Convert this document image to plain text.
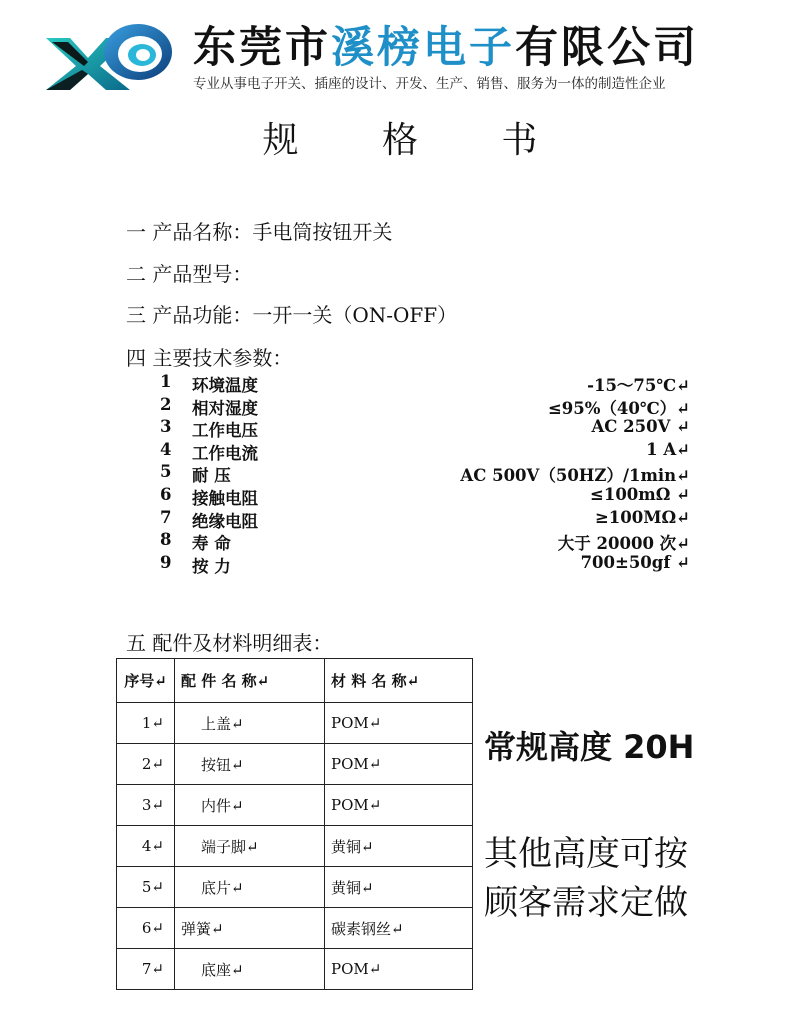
东莞市溪榜电子有限公司
专业从事电子开关、插座的设计、开发、生产、销售、服务为一体的制造性企业
规 格 书
一 产品名称：手电筒按钮开关
二 产品型号：
三 产品功能：一开一关（ON-OFF）
四 主要技术参数：
1 环境温度	-15～75℃↵
2 相对湿度	≤95%（40℃）↵
3 工作电压	AC 250V ↵
4 工作电流	1 A↵
5 耐 压	AC 500V（50HZ）/1min↵
6 接触电阻	≤100mΩ ↵
7 绝缘电阻	≥100MΩ↵
8 寿 命	大于 20000 次↵
9 按 力	700±50gf ↵
五 配件及材料明细表：
序号↵	配 件 名 称↵	材 料 名 称↵
1↵	上盖↵	POM↵
2↵	按钮↵	POM↵
3↵	内件↵	POM↵
4↵	端子脚↵	黄铜↵
5↵	底片↵	黄铜↵
6↵	弹簧↵	碳素钢丝↵
7↵	底座↵	POM↵
常规高度 20H
其他高度可按
顾客需求定做
